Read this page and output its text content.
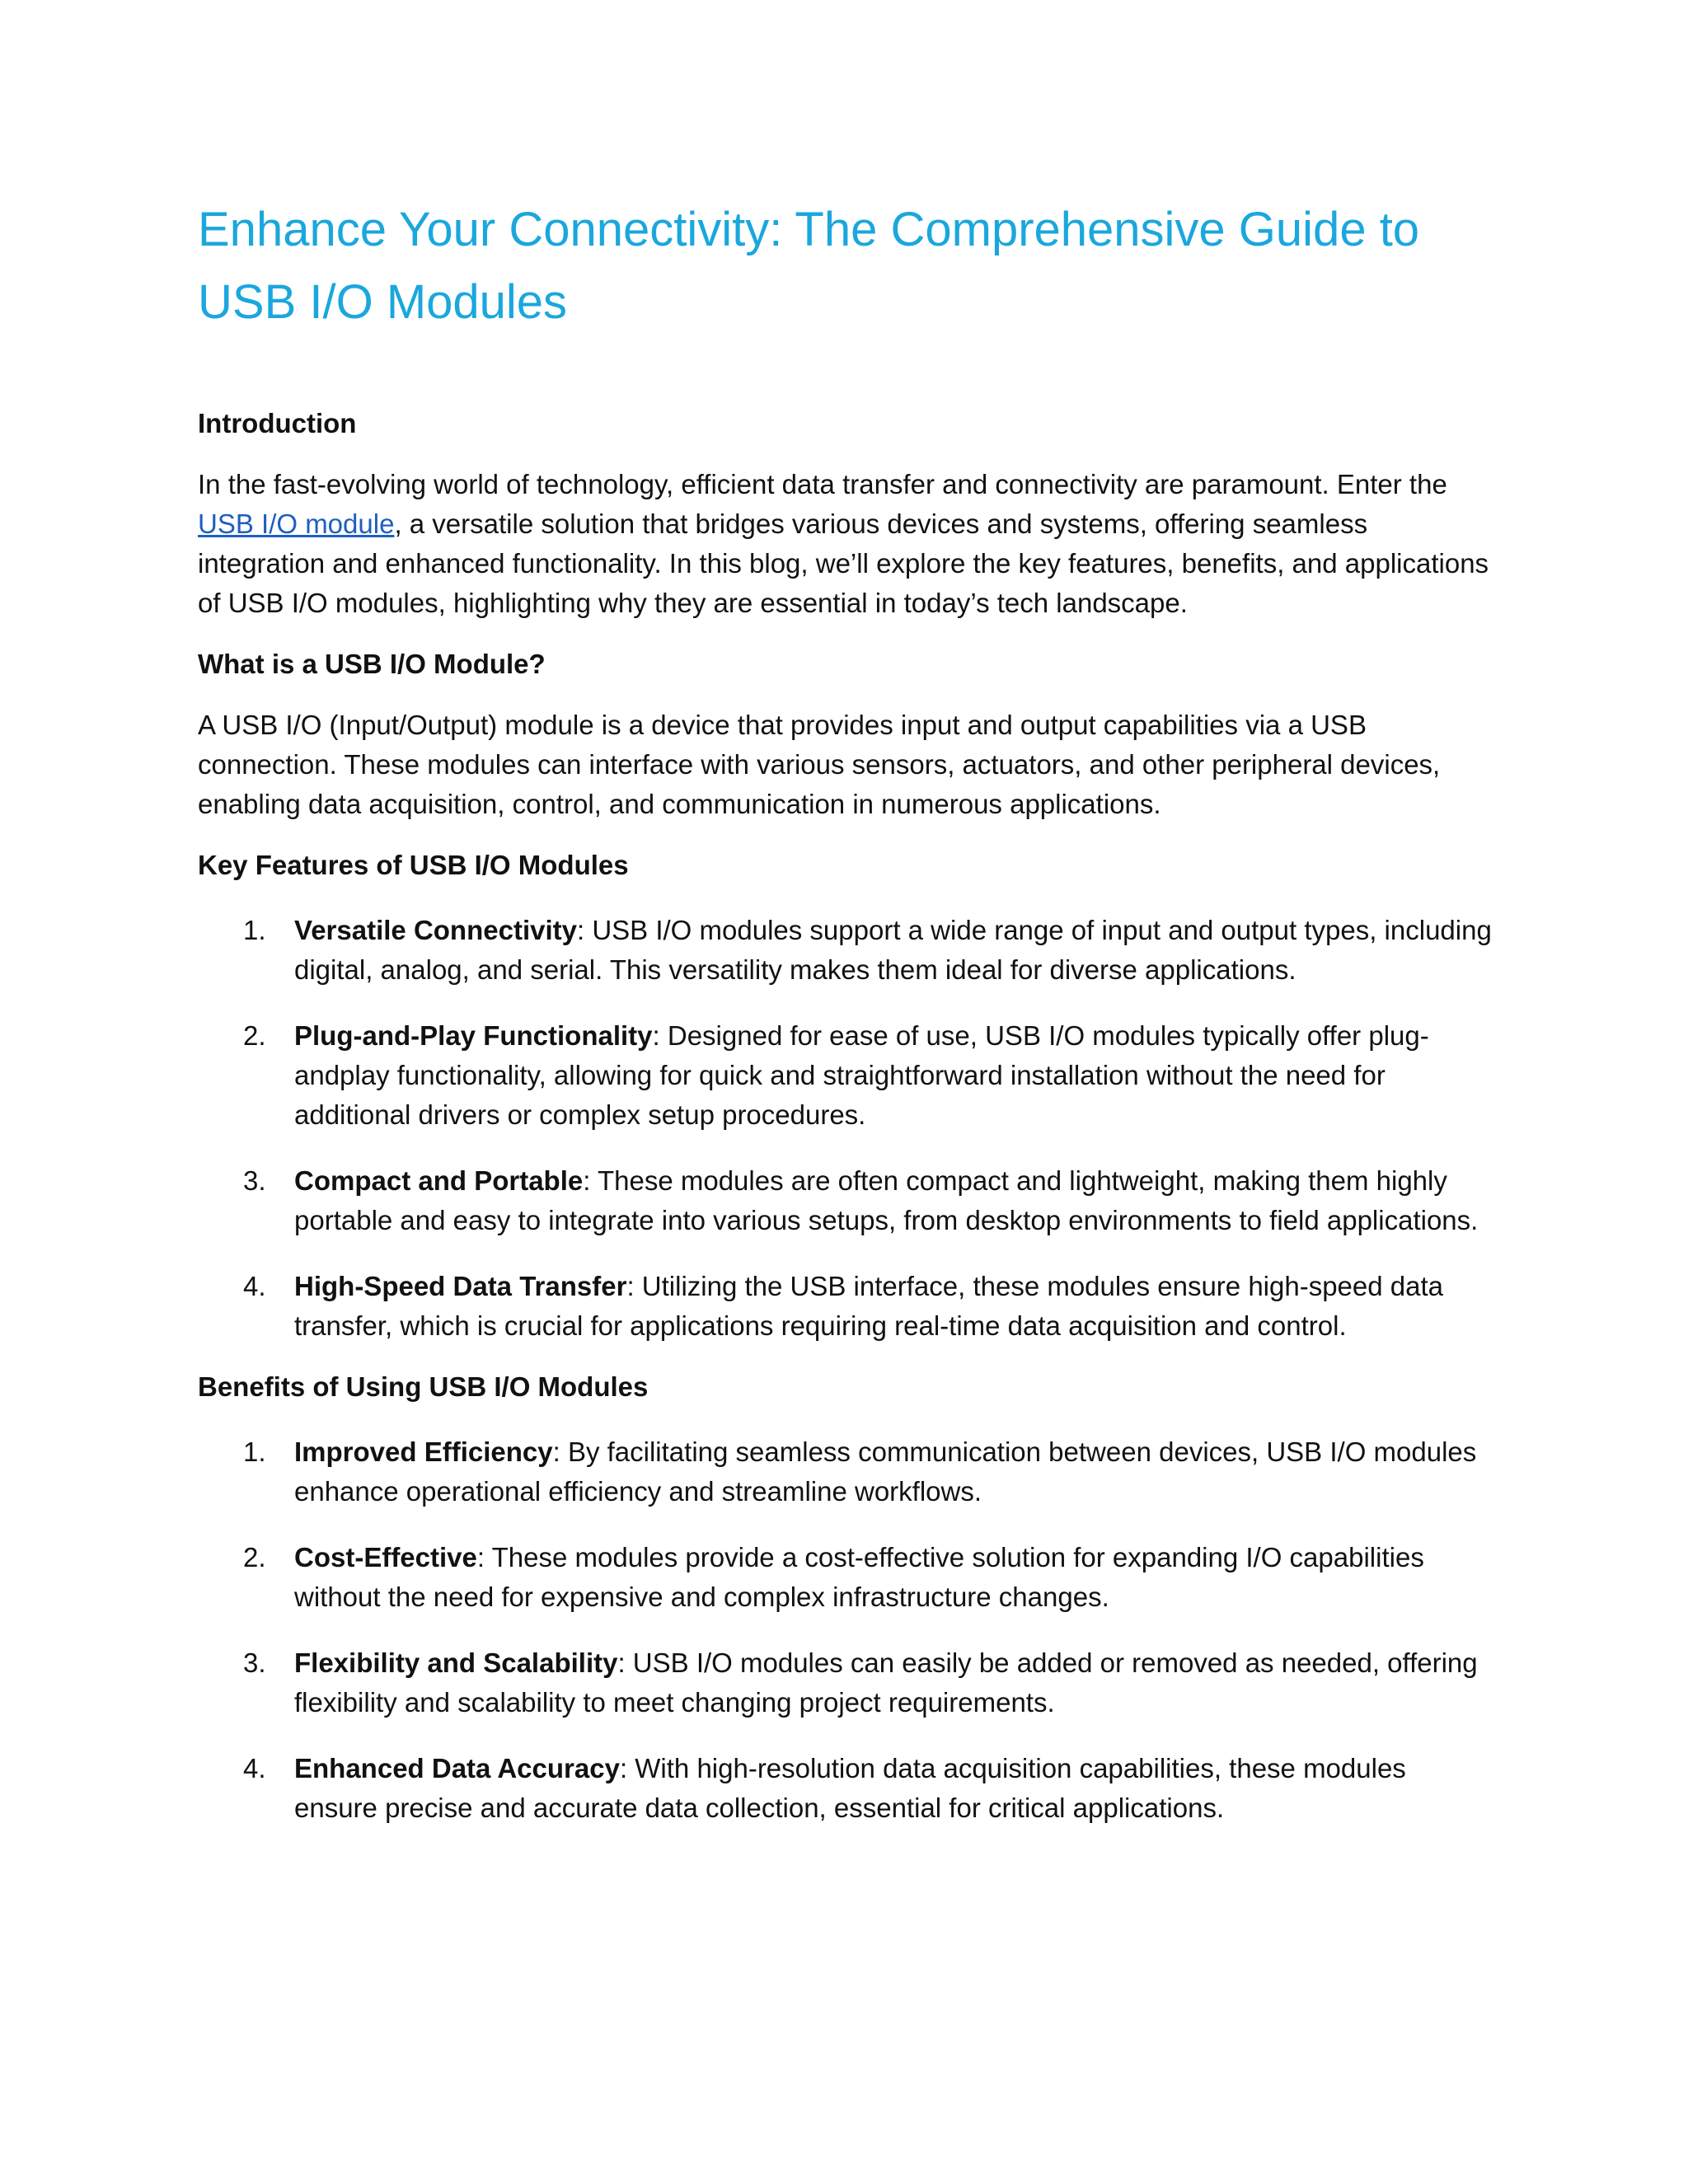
Enhance Your Connectivity: The Comprehensive Guide to USB I/O Modules
Introduction

In the fast-evolving world of technology, efficient data transfer and connectivity are paramount. Enter the USB I/O module, a versatile solution that bridges various devices and systems, offering seamless integration and enhanced functionality. In this blog, we’ll explore the key features, benefits, and applications of USB I/O modules, highlighting why they are essential in today’s tech landscape.

What is a USB I/O Module?

A USB I/O (Input/Output) module is a device that provides input and output capabilities via a USB connection. These modules can interface with various sensors, actuators, and other peripheral devices, enabling data acquisition, control, and communication in numerous applications.

Key Features of USB I/O Modules
1. Versatile Connectivity: USB I/O modules support a wide range of input and output types, including digital, analog, and serial. This versatility makes them ideal for diverse applications.
2. Plug-and-Play Functionality: Designed for ease of use, USB I/O modules typically offer plug-andplay functionality, allowing for quick and straightforward installation without the need for additional drivers or complex setup procedures.
3. Compact and Portable: These modules are often compact and lightweight, making them highly portable and easy to integrate into various setups, from desktop environments to field applications.
4. High-Speed Data Transfer: Utilizing the USB interface, these modules ensure high-speed data transfer, which is crucial for applications requiring real-time data acquisition and control.
Benefits of Using USB I/O Modules
1. Improved Efficiency: By facilitating seamless communication between devices, USB I/O modules enhance operational efficiency and streamline workflows.
2. Cost-Effective: These modules provide a cost-effective solution for expanding I/O capabilities without the need for expensive and complex infrastructure changes.
3. Flexibility and Scalability: USB I/O modules can easily be added or removed as needed, offering flexibility and scalability to meet changing project requirements.
4. Enhanced Data Accuracy: With high-resolution data acquisition capabilities, these modules ensure precise and accurate data collection, essential for critical applications.
